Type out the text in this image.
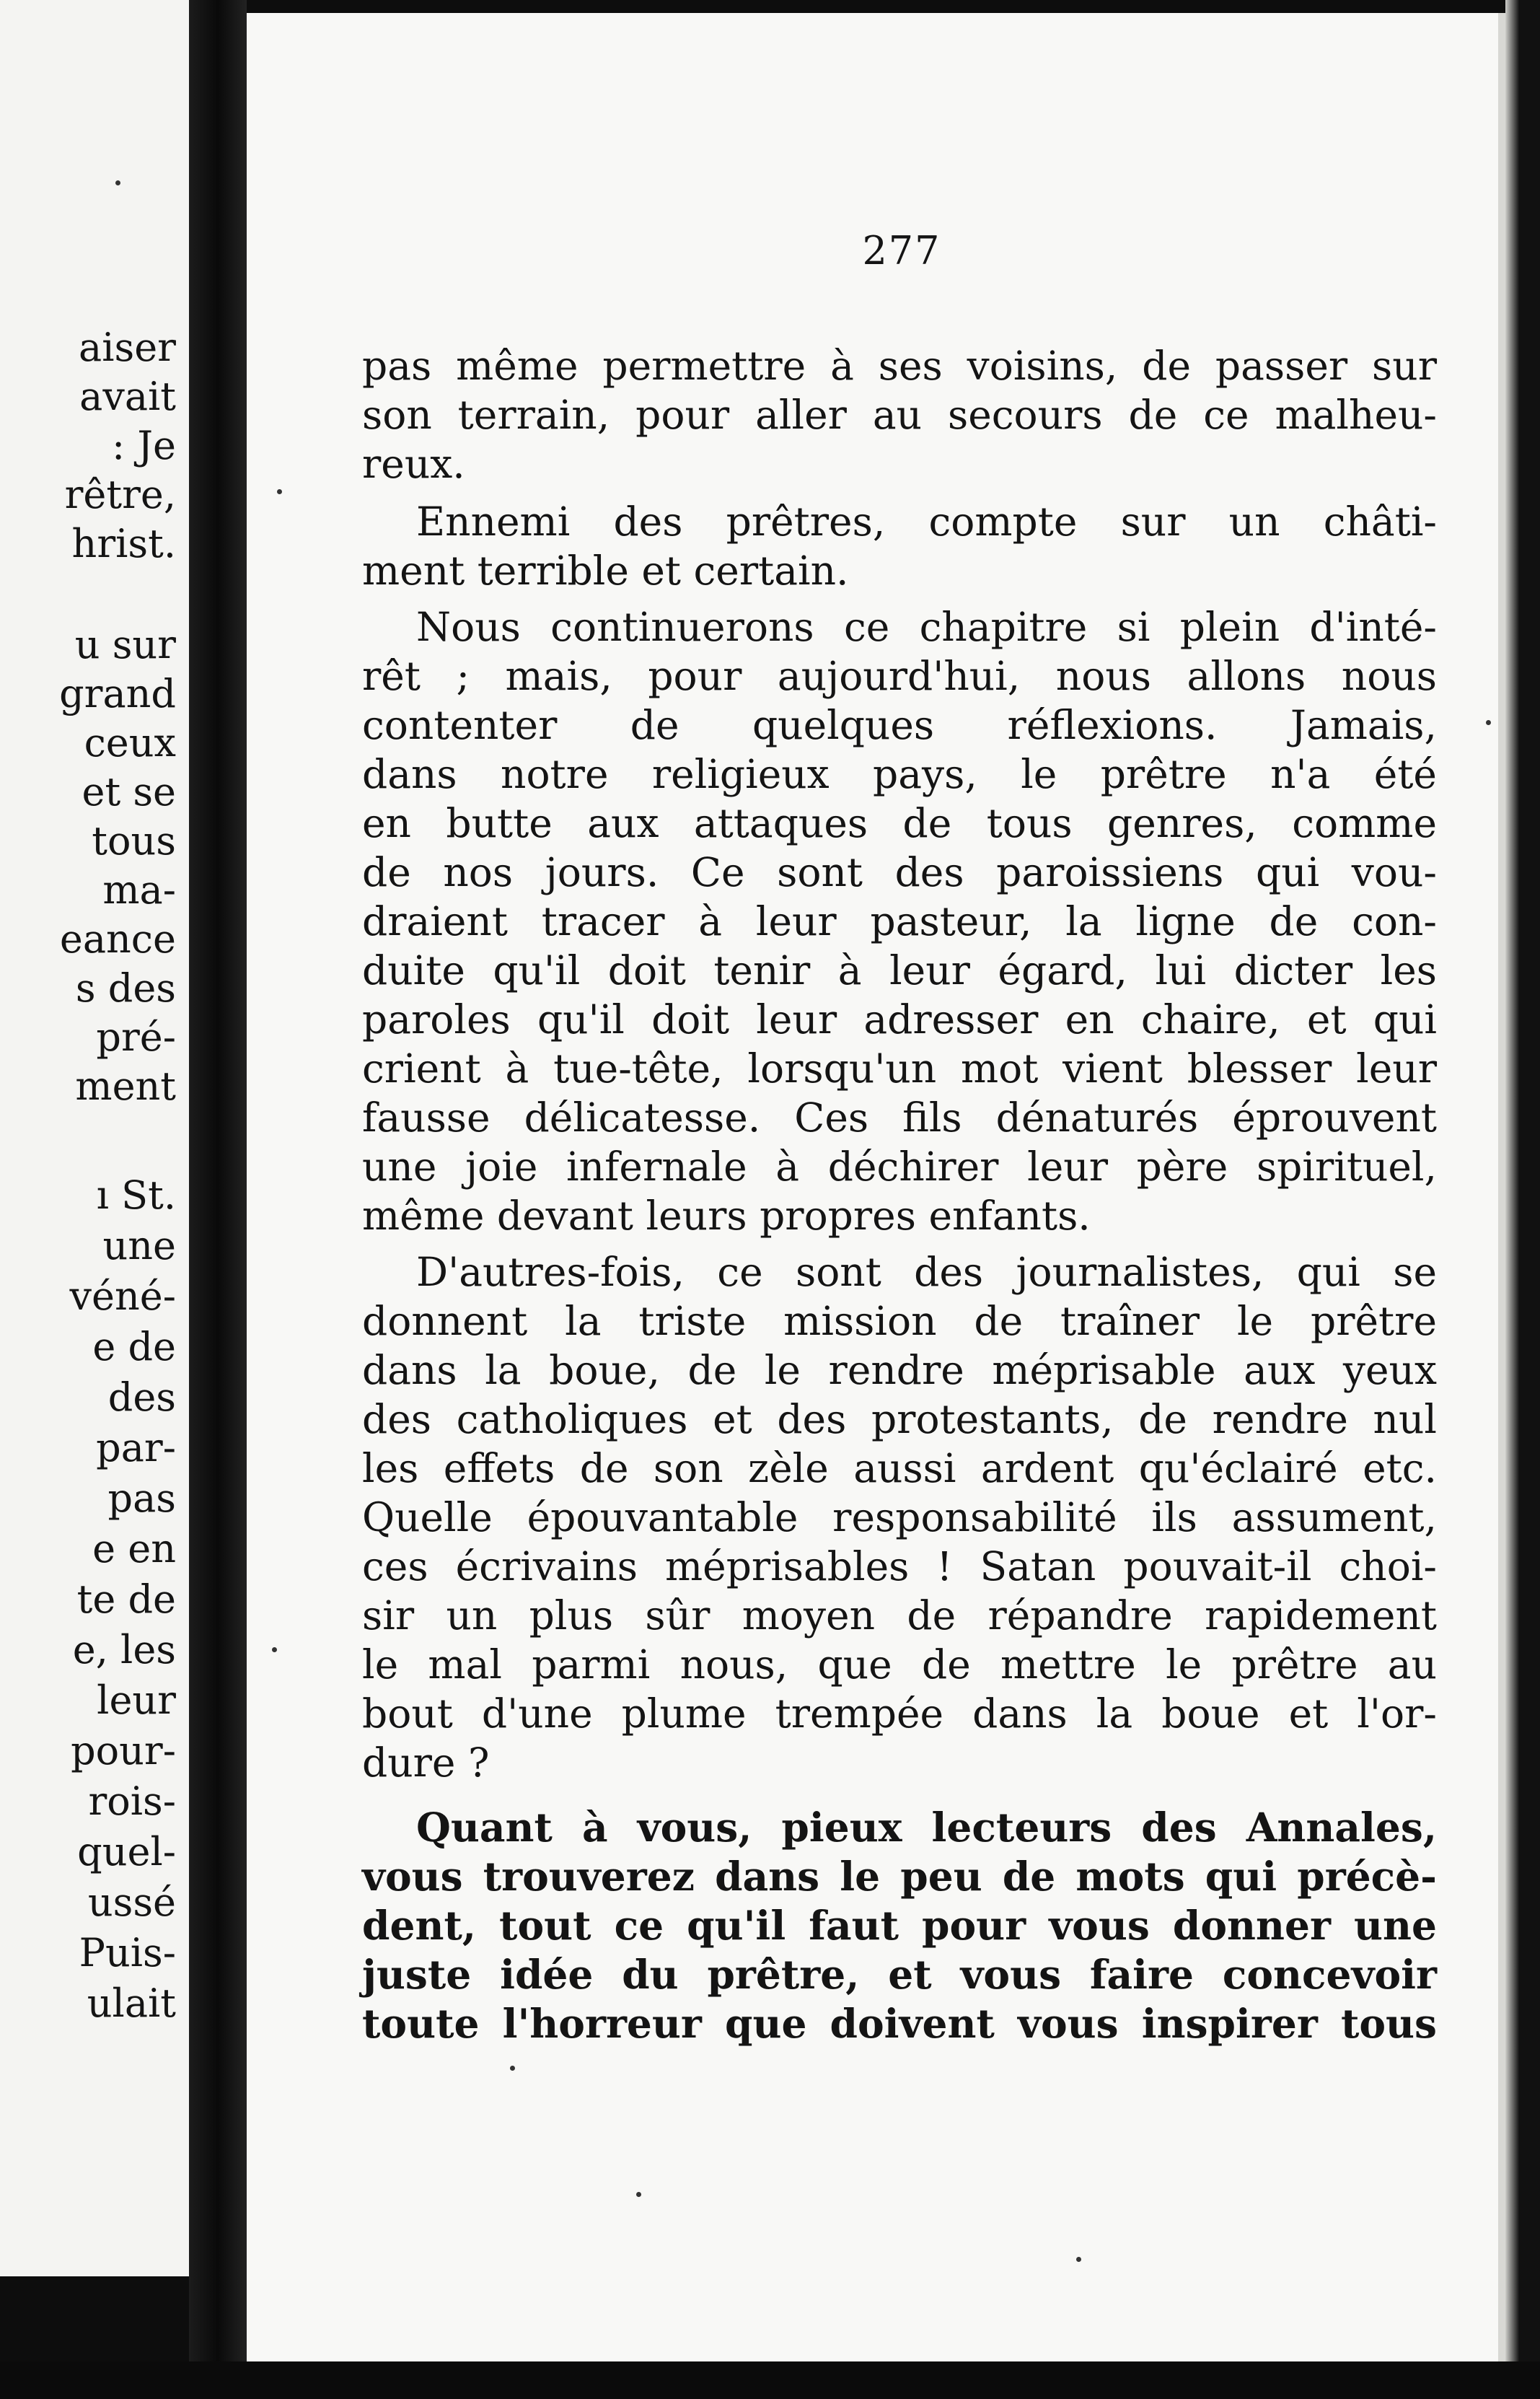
aiser
avait
: Je
rêtre,
hrist.
u sur
grand
ceux
et se
tous
ma-
eance
s des
pré-
ment
ı St.
une
véné-
e de
des
par-
pas
e en
te de
e, les
leur
pour-
rois-
quel-
ussé
Puis-
ulait
277
pas même permettre à ses voisins, de passer sur
son terrain, pour aller au secours de ce malheu-
reux.
Ennemi des prêtres, compte sur un châti-
ment terrible et certain.
Nous continuerons ce chapitre si plein d'inté-
rêt ; mais, pour aujourd'hui, nous allons nous
contenter de quelques réflexions. Jamais,
dans notre religieux pays, le prêtre n'a été
en butte aux attaques de tous genres, comme
de nos jours. Ce sont des paroissiens qui vou-
draient tracer à leur pasteur, la ligne de con-
duite qu'il doit tenir à leur égard, lui dicter les
paroles qu'il doit leur adresser en chaire, et qui
crient à tue-tête, lorsqu'un mot vient blesser leur
fausse délicatesse. Ces fils dénaturés éprouvent
une joie infernale à déchirer leur père spirituel,
même devant leurs propres enfants.
D'autres-fois, ce sont des journalistes, qui se
donnent la triste mission de traîner le prêtre
dans la boue, de le rendre méprisable aux yeux
des catholiques et des protestants, de rendre nul
les effets de son zèle aussi ardent qu'éclairé etc.
Quelle épouvantable responsabilité ils assument,
ces écrivains méprisables ! Satan pouvait-il choi-
sir un plus sûr moyen de répandre rapidement
le mal parmi nous, que de mettre le prêtre au
bout d'une plume trempée dans la boue et l'or-
dure ?
Quant à vous, pieux lecteurs des Annales,
vous trouverez dans le peu de mots qui précè-
dent, tout ce qu'il faut pour vous donner une
juste idée du prêtre, et vous faire concevoir
toute l'horreur que doivent vous inspirer tous
